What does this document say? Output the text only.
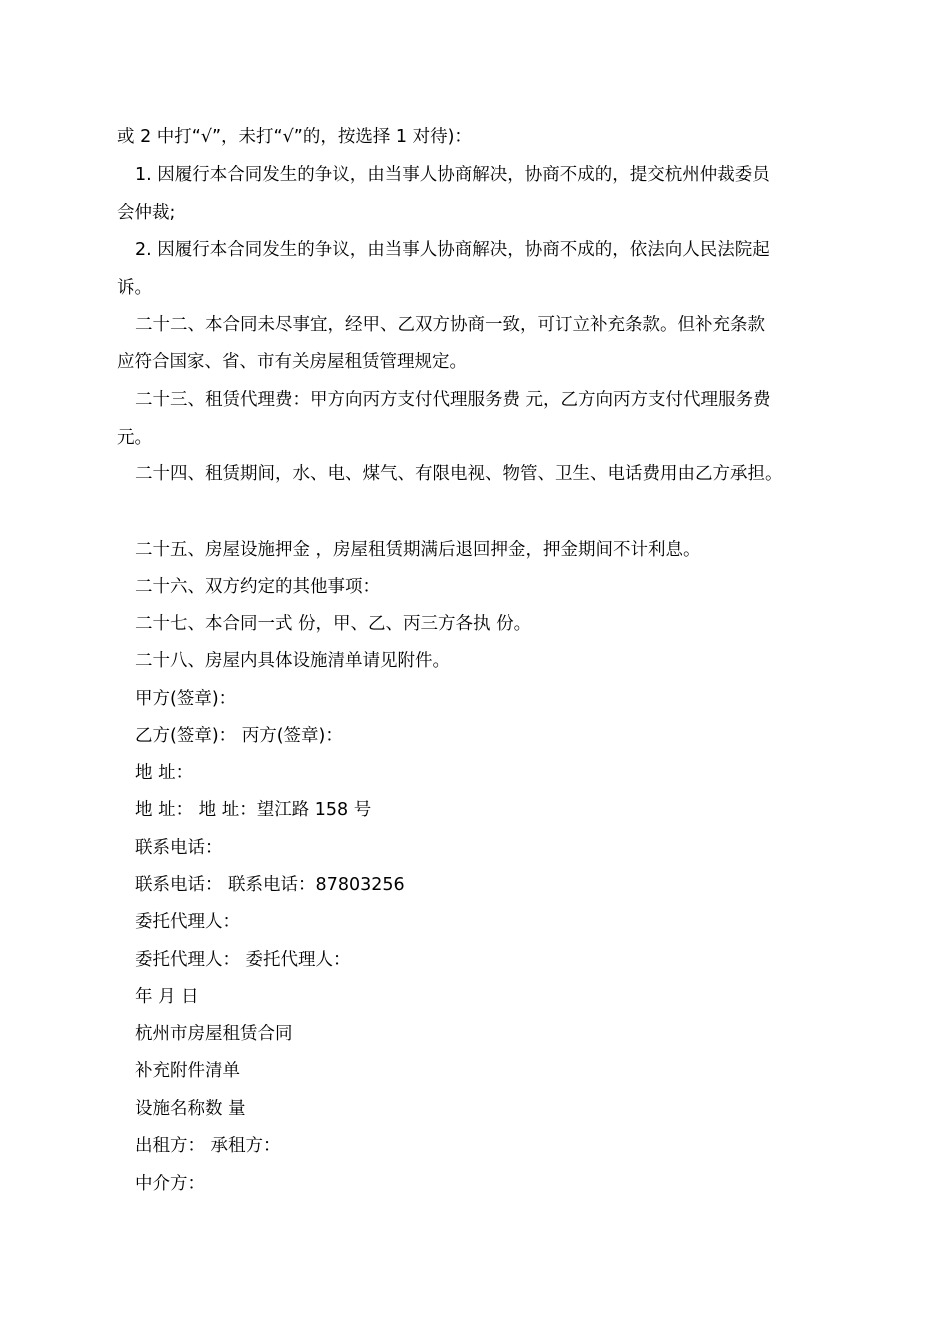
或 2 中打“√”，未打“√”的，按选择 1 对待)：
1. 因履行本合同发生的争议，由当事人协商解决，协商不成的，提交杭州仲裁委员
会仲裁;
2. 因履行本合同发生的争议，由当事人协商解决，协商不成的，依法向人民法院起
诉。
二十二、本合同未尽事宜，经甲、乙双方协商一致，可订立补充条款。但补充条款
应符合国家、省、市有关房屋租赁管理规定。
二十三、租赁代理费：甲方向丙方支付代理服务费 元，乙方向丙方支付代理服务费
元。
二十四、租赁期间，水、电、煤气、有限电视、物管、卫生、电话费用由乙方承担。
二十五、房屋设施押金 ，房屋租赁期满后退回押金，押金期间不计利息。
二十六、双方约定的其他事项：
二十七、本合同一式 份，甲、乙、丙三方各执 份。
二十八、房屋内具体设施清单请见附件。
甲方(签章)：
乙方(签章)： 丙方(签章)：
地 址：
地 址： 地 址：望江路 158 号
联系电话：
联系电话： 联系电话：87803256
委托代理人：
委托代理人： 委托代理人：
年 月 日
杭州市房屋租赁合同
补充附件清单
设施名称数 量
出租方： 承租方：
中介方：
